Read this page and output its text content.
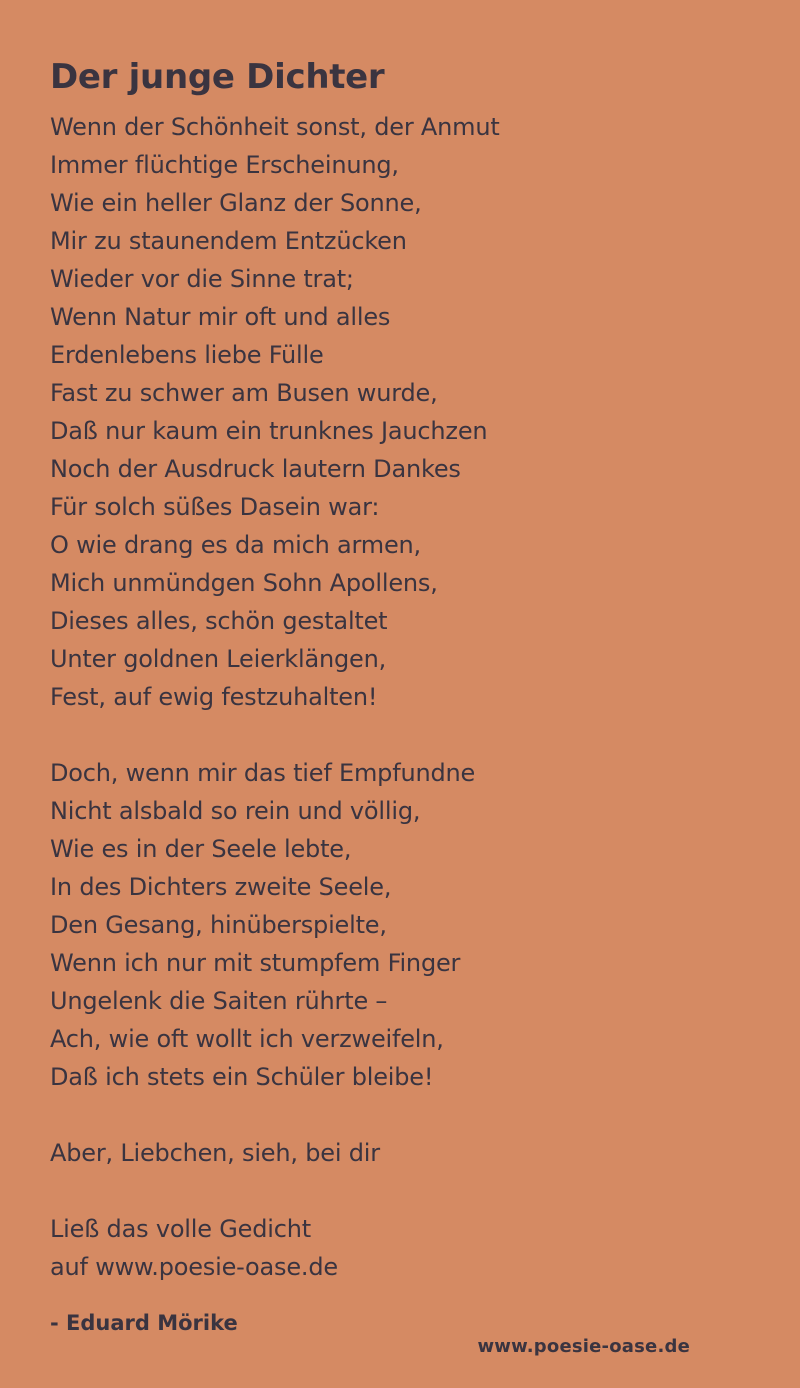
Der junge Dichter
Wenn der Schönheit sonst, der Anmut
Immer flüchtige Erscheinung,
Wie ein heller Glanz der Sonne,
Mir zu staunendem Entzücken
Wieder vor die Sinne trat;
Wenn Natur mir oft und alles
Erdenlebens liebe Fülle
Fast zu schwer am Busen wurde,
Daß nur kaum ein trunknes Jauchzen
Noch der Ausdruck lautern Dankes
Für solch süßes Dasein war:
O wie drang es da mich armen,
Mich unmündgen Sohn Apollens,
Dieses alles, schön gestaltet
Unter goldnen Leierklängen,
Fest, auf ewig festzuhalten!
Doch, wenn mir das tief Empfundne
Nicht alsbald so rein und völlig,
Wie es in der Seele lebte,
In des Dichters zweite Seele,
Den Gesang, hinüberspielte,
Wenn ich nur mit stumpfem Finger
Ungelenk die Saiten rührte –
Ach, wie oft wollt ich verzweifeln,
Daß ich stets ein Schüler bleibe!
Aber, Liebchen, sieh, bei dir
Ließ das volle Gedicht
auf www.poesie-oase.de
- Eduard Mörike
www.poesie-oase.de
